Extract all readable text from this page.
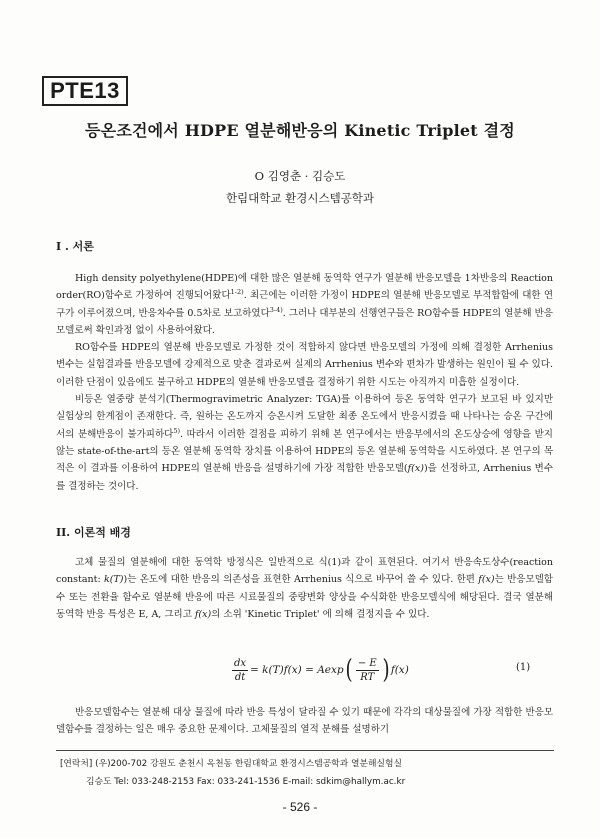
PTE13
등온조건에서 HDPE 열분해반응의 Kinetic Triplet 결정
O 김영춘 · 김승도
한림대학교 환경시스템공학과
I . 서론

High density polyethylene(HDPE)에 대한 많은 열분해 동역학 연구가 열분해 반응모델을 1차반응의 Reaction order(RO)함수로 가정하여 진행되어왔다$^{1-2)}$. 최근에는 이러한 가정이 HDPE의 열분해 반응모델로 부적합함에 대한 연구가 이루어졌으며, 반응차수를 0.5차로 보고하였다$^{3-4)}$. 그러나 대부분의 선행연구들은 RO함수를 HDPE의 열분해 반응모델로써 확인과정 없이 사용하여왔다.

RO함수를 HDPE의 열분해 반응모델로 가정한 것이 적합하지 않다면 반응모델의 가정에 의해 결정한 Arrhenius 변수는 실험결과를 반응모델에 강제적으로 맞춘 결과로써 실제의 Arrhenius 변수와 편차가 발생하는 원인이 될 수 있다. 이러한 단점이 있음에도 불구하고 HDPE의 열분해 반응모델을 결정하기 위한 시도는 아직까지 미흡한 실정이다.

비등온 열중량 분석기(Thermogravimetric Analyzer: TGA)를 이용하여 등온 동역학 연구가 보고된 바 있지만 실험상의 한계점이 존재한다. 즉, 원하는 온도까지 승온시켜 도달한 최종 온도에서 반응시켰을 때 나타나는 승온 구간에서의 분해반응이 불가피하다$^{5)}$. 따라서 이러한 결점을 피하기 위해 본 연구에서는 반응부에서의 온도상승에 영향을 받지 않는 state-of-the-art의 등온 열분해 동역학 장치를 이용하여 HDPE의 등온 열분해 동역학을 시도하였다. 본 연구의 목적은 이 결과를 이용하여 HDPE의 열분해 반응을 설명하기에 가장 적합한 반응모델(f(x))을 선정하고, Arrhenius 변수를 결정하는 것이다.

II. 이론적 배경

고체 물질의 열분해에 대한 동역학 방정식은 일반적으로 식(1)과 같이 표현된다. 여기서 반응속도상수(reaction constant: k(T))는 온도에 대한 반응의 의존성을 표현한 Arrhenius 식으로 바꾸어 쓸 수 있다. 한편 f(x)는 반응모델함수 또는 전환율 함수로 열분해 반응에 따른 시료물질의 중량변화 양상을 수식화한 반응모델식에 해당된다. 결국 열분해 동역학 반응 특성은 E, A, 그리고 f(x)의 소위 'Kinetic Triplet' 에 의해 결정지을 수 있다.

$\frac{dx}{dt} = k(T)f(x) = Aexp$ ( $\frac{- E}{RT}$ ) f(x)	(1)

반응모델함수는 열분해 대상 물질에 따라 반응 특성이 달라질 수 있기 때문에 각각의 대상물질에 가장 적합한 반응모델함수를 결정하는 일은 매우 중요한 문제이다. 고체물질의 열적 분해를 설명하기

[연락처] (우)200-702 강원도 춘천시 옥천동 한림대학교 환경시스템공학과 열분해실험실
김승도 Tel: 033-248-2153 Fax: 033-241-1536 E-mail: sdkim@hallym.ac.kr
- 526 -
